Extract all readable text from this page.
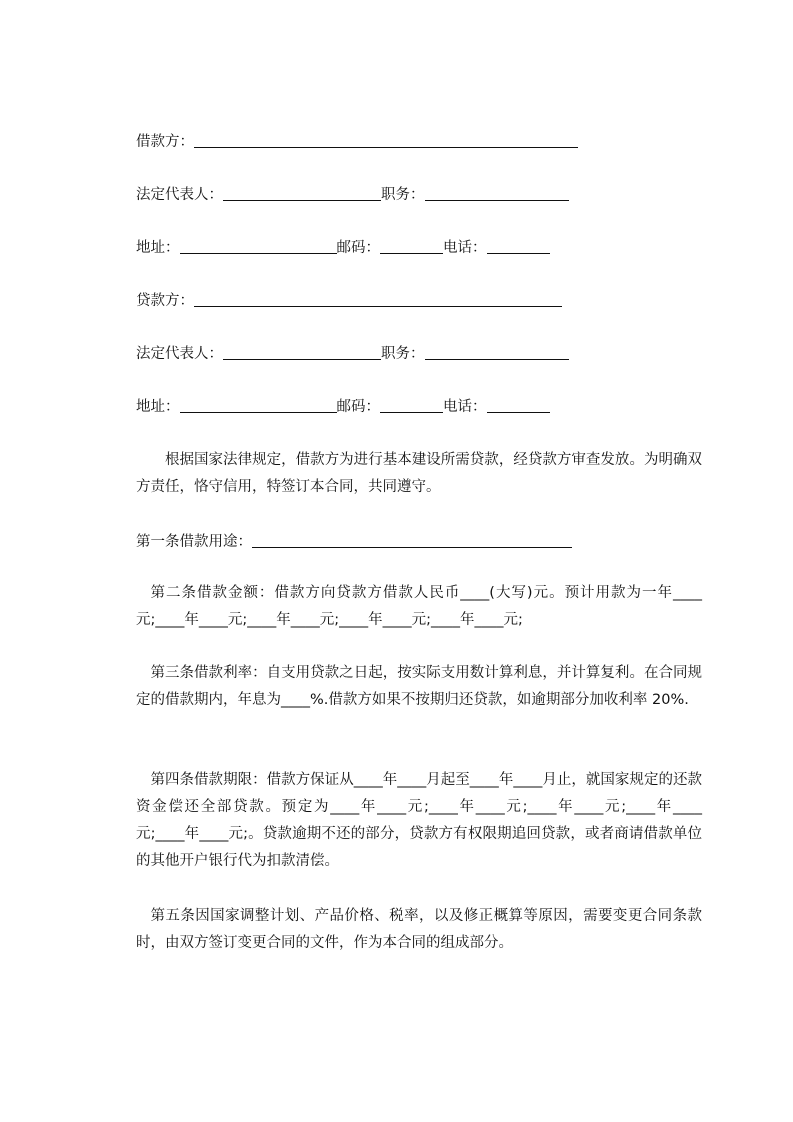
借款方：
法定代表人：	职务：
地址：	邮码：	电话：
贷款方：
法定代表人：	职务：
地址：	邮码：	电话：
根据国家法律规定，借款方为进行基本建设所需贷款，经贷款方审查发放。为明确双方责任，恪守信用，特签订本合同，共同遵守。
第一条借款用途：
第二条借款金额：借款方向贷款方借款人民币____(大写)元。预计用款为一年____元;____年____元;____年____元;____年____元;____年____元;
第三条借款利率：自支用贷款之日起，按实际支用数计算利息，并计算复利。在合同规定的借款期内，年息为____%.借款方如果不按期归还贷款，如逾期部分加收利率 20%.
第四条借款期限：借款方保证从____年____月起至____年____月止，就国家规定的还款资金偿还全部贷款。预定为____年____元;____年____元;____年____元;____年____元;____年____元;。贷款逾期不还的部分，贷款方有权限期追回贷款，或者商请借款单位的其他开户银行代为扣款清偿。
第五条因国家调整计划、产品价格、税率，以及修正概算等原因，需要变更合同条款时，由双方签订变更合同的文件，作为本合同的组成部分。
